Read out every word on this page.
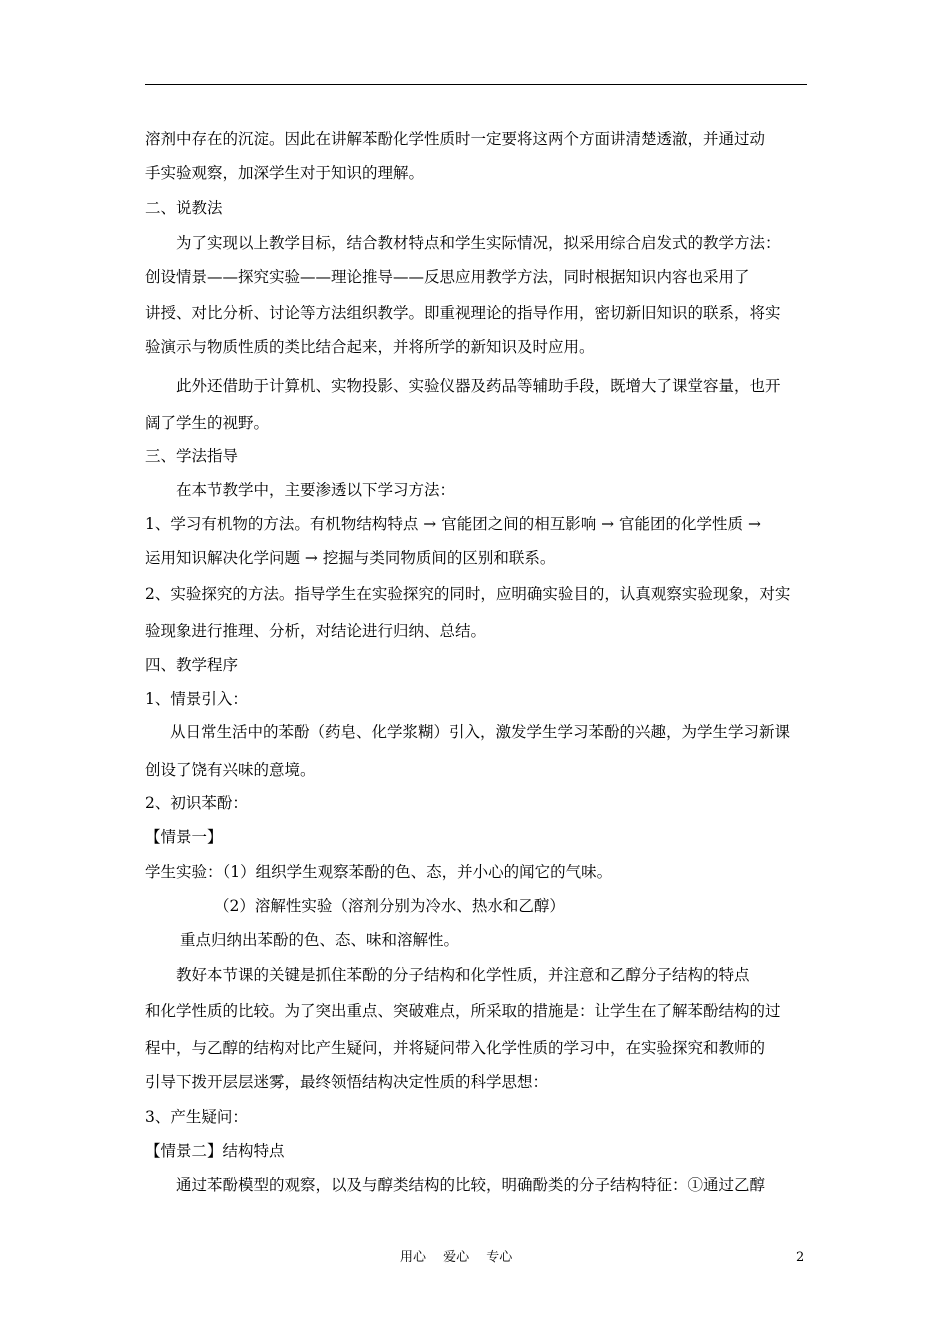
溶剂中存在的沉淀。因此在讲解苯酚化学性质时一定要将这两个方面讲清楚透澈，并通过动
手实验观察，加深学生对于知识的理解。
二、说教法
为了实现以上教学目标，结合教材特点和学生实际情况，拟采用综合启发式的教学方法：
创设情景——探究实验——理论推导——反思应用教学方法，同时根据知识内容也采用了
讲授、对比分析、讨论等方法组织教学。即重视理论的指导作用，密切新旧知识的联系，将实
验演示与物质性质的类比结合起来，并将所学的新知识及时应用。
此外还借助于计算机、实物投影、实验仪器及药品等辅助手段，既增大了课堂容量，也开
阔了学生的视野。
三、学法指导
在本节教学中，主要渗透以下学习方法：
1、学习有机物的方法。有机物结构特点 → 官能团之间的相互影响 → 官能团的化学性质 →
运用知识解决化学问题 → 挖掘与类同物质间的区别和联系。
2、实验探究的方法。指导学生在实验探究的同时，应明确实验目的，认真观察实验现象，对实
验现象进行推理、分析，对结论进行归纳、总结。
四、教学程序
1、情景引入：
从日常生活中的苯酚（药皂、化学浆糊）引入，激发学生学习苯酚的兴趣，为学生学习新课
创设了饶有兴味的意境。
2、初识苯酚：
【情景一】
学生实验：（1）组织学生观察苯酚的色、态，并小心的闻它的气味。
（2）溶解性实验（溶剂分别为冷水、热水和乙醇）
重点归纳出苯酚的色、态、味和溶解性。
教好本节课的关键是抓住苯酚的分子结构和化学性质，并注意和乙醇分子结构的特点
和化学性质的比较。为了突出重点、突破难点，所采取的措施是：让学生在了解苯酚结构的过
程中，与乙醇的结构对比产生疑问，并将疑问带入化学性质的学习中，在实验探究和教师的
引导下拨开层层迷雾，最终领悟结构决定性质的科学思想：
3、产生疑问：
【情景二】结构特点
通过苯酚模型的观察，以及与醇类结构的比较，明确酚类的分子结构特征：①通过乙醇
用心　 爱心　 专心	2
